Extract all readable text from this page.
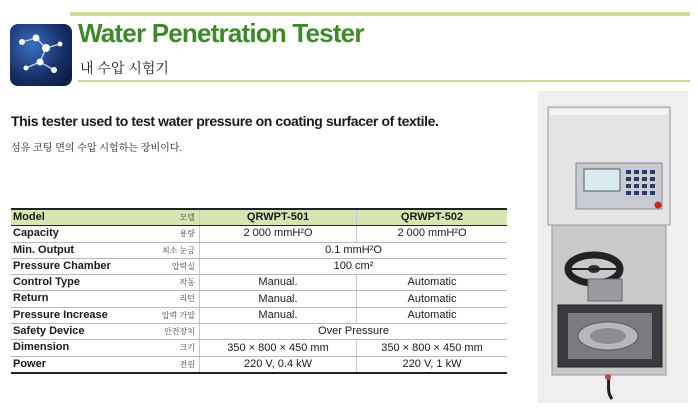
Water Penetration Tester
내 수압 시험기
This tester used to test water pressure on coating surfacer of textile.
섬유 코팅 면의 수압 시험하는 장비이다.
Model 모델	QRWPT-501	QRWPT-502

Capacity 용량	2 000 mmH²O	2 000 mmH²O

Min. Output 최소 눈금	0.1 mmH²O	

Pressure Chamber 압력실	100 cm²	

Control Type 작동	Manual.	Automatic

Return 리턴	Manual.	Automatic

Pressure Increase 압력 가압	Manual.	Automatic

Safety Device 안전장치	Over Pressure	

Dimension 크기	350 × 800 × 450 mm	350 × 800 × 450 mm

Power 전원	220 V, 0.4 kW	220 V, 1 kW
